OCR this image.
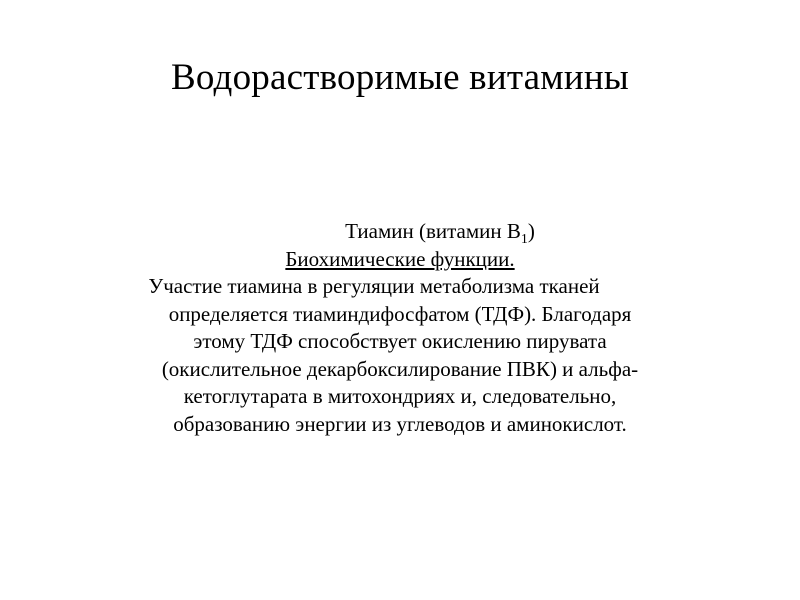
Водорастворимые витамины
Тиамин (витамин $B_1$)
Биохимические функции.
Участие тиамина в регуляции метаболизма тканей
определяется тиаминдифосфатом (ТДФ). Благодаря
этому ТДФ способствует окислению пирувата
(окислительное декарбоксилирование ПВК) и альфа-
кетоглутарата в митохондриях и, следовательно,
образованию энергии из углеводов и аминокислот.
